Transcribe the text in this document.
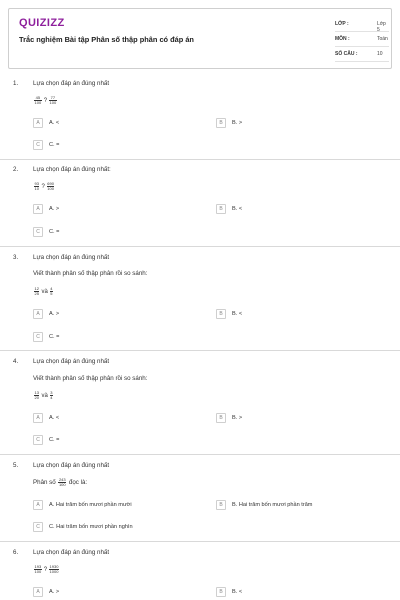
QUIZIZZ
Trắc nghiệm Bài tập Phân số thập phân có đáp án
LỚP :	Lớp 5
MÔN :	Toán
SỐ CÂU :	10
1. Lựa chọn đáp án đúng nhất
$\frac{45}{100}$ ? $\frac{77}{100}$
A	A. <	B	B. >
C	C. =
2. Lựa chọn đáp án đúng nhất:
$\frac{93}{10}$ ? $\frac{690}{100}$
A	A. >	B	B. <
C	C. =
3. Lựa chọn đáp án đúng nhất
Viết thành phân số thập phân rồi so sánh:
$\frac{12}{25}$ và $\frac{4}{5}$
A	A. >	B	B. <
C	C. =
4. Lựa chọn đáp án đúng nhất
Viết thành phân số thập phân rồi so sánh:
$\frac{13}{20}$ và $\frac{3}{4}$
A	A. <	B	B. >
C	C. =
5. Lựa chọn đáp án đúng nhất
Phân số $\frac{243}{100}$ đọc là:
A	A. Hai trăm bốn mươi phần mười	B	B. Hai trăm bốn mươi phần trăm
C	C. Hai trăm bốn mươi phần nghìn
6. Lựa chọn đáp án đúng nhất
$\frac{193}{100}$ ? $\frac{1930}{1000}$
A	A. >	B	B. <
